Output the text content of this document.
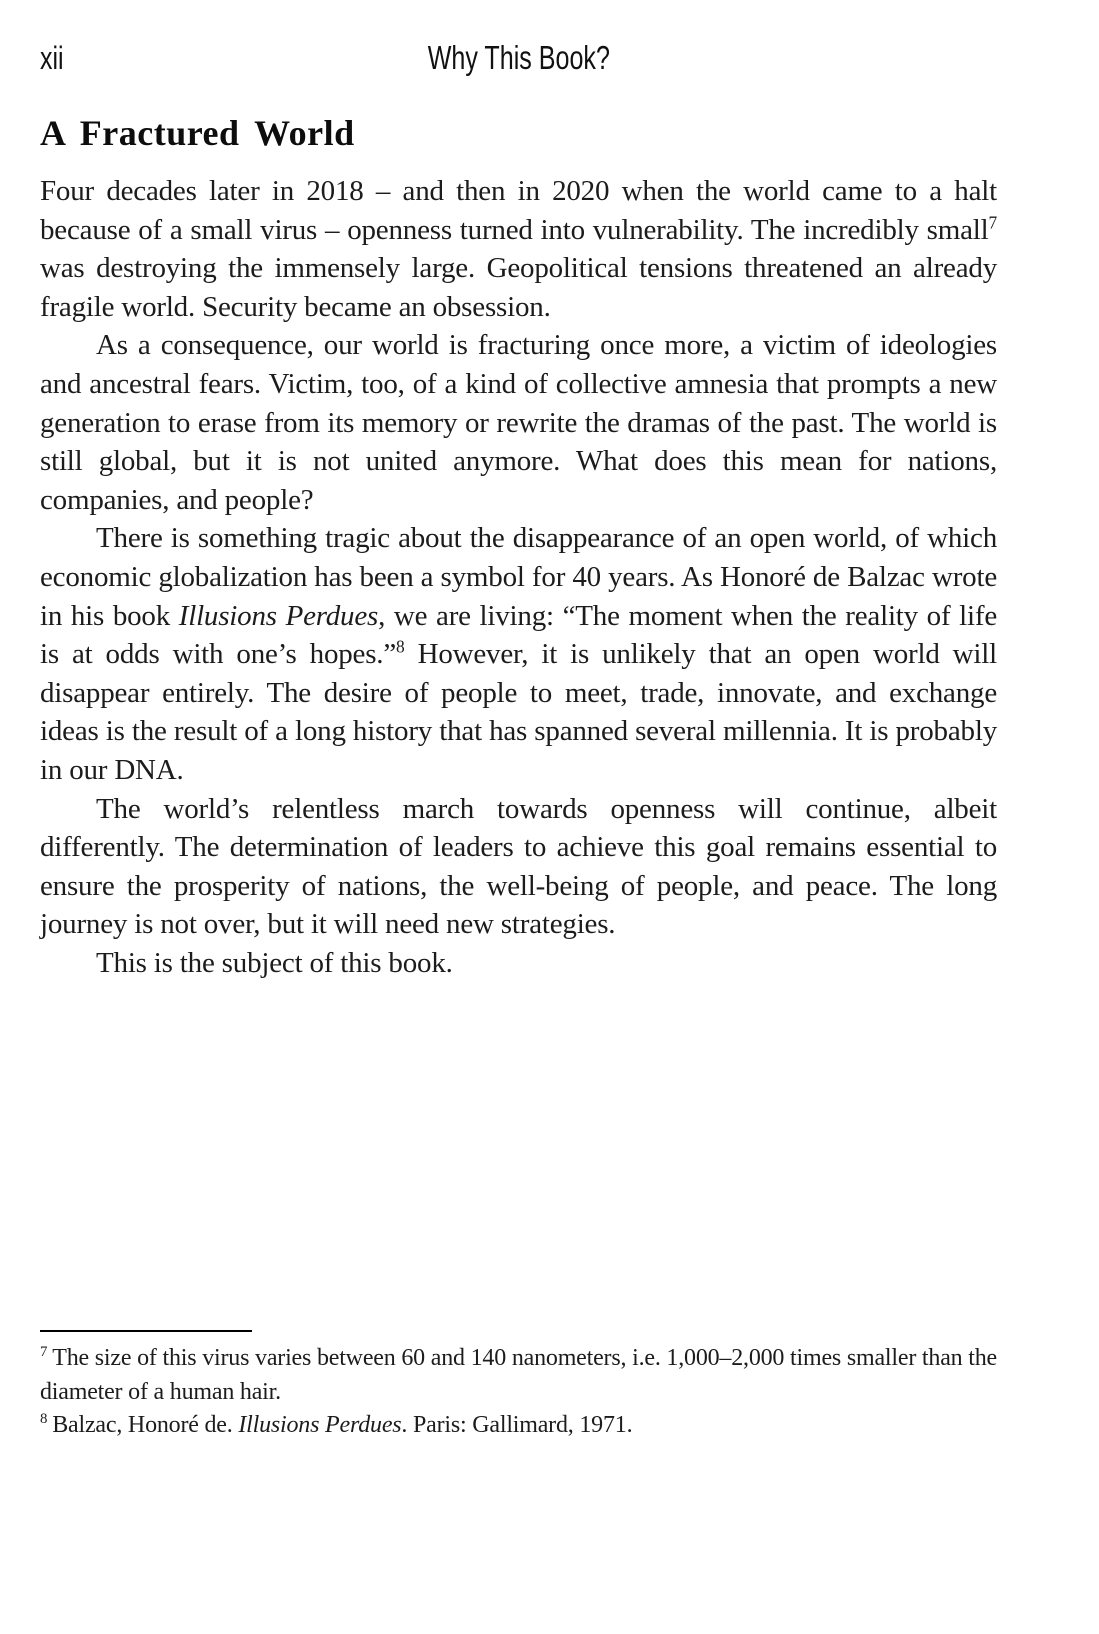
xii	Why This Book?
A Fractured World

Four decades later in 2018 – and then in 2020 when the world came to a halt because of a small virus – openness turned into vulnerability. The incredibly small$^7$ was destroying the immensely large. Geopolitical tensions threatened an already fragile world. Security became an obsession.

As a consequence, our world is fracturing once more, a victim of ideologies and ancestral fears. Victim, too, of a kind of collective amnesia that prompts a new generation to erase from its memory or rewrite the dramas of the past. The world is still global, but it is not united anymore. What does this mean for nations, companies, and people?

There is something tragic about the disappearance of an open world, of which economic globalization has been a symbol for 40 years. As Honoré de Balzac wrote in his book Illusions Perdues, we are living: “The moment when the reality of life is at odds with one’s hopes.”$^8$ However, it is unlikely that an open world will disappear entirely. The desire of people to meet, trade, innovate, and exchange ideas is the result of a long history that has spanned several millennia. It is probably in our DNA.

The world’s relentless march towards openness will continue, albeit differently. The determination of leaders to achieve this goal remains essential to ensure the prosperity of nations, the well-being of people, and peace. The long journey is not over, but it will need new strategies.

This is the subject of this book.

$^7$ The size of this virus varies between 60 and 140 nanometers, i.e. 1,000–2,000 times smaller than the diameter of a human hair.

$^8$ Balzac, Honoré de. Illusions Perdues. Paris: Gallimard, 1971.
